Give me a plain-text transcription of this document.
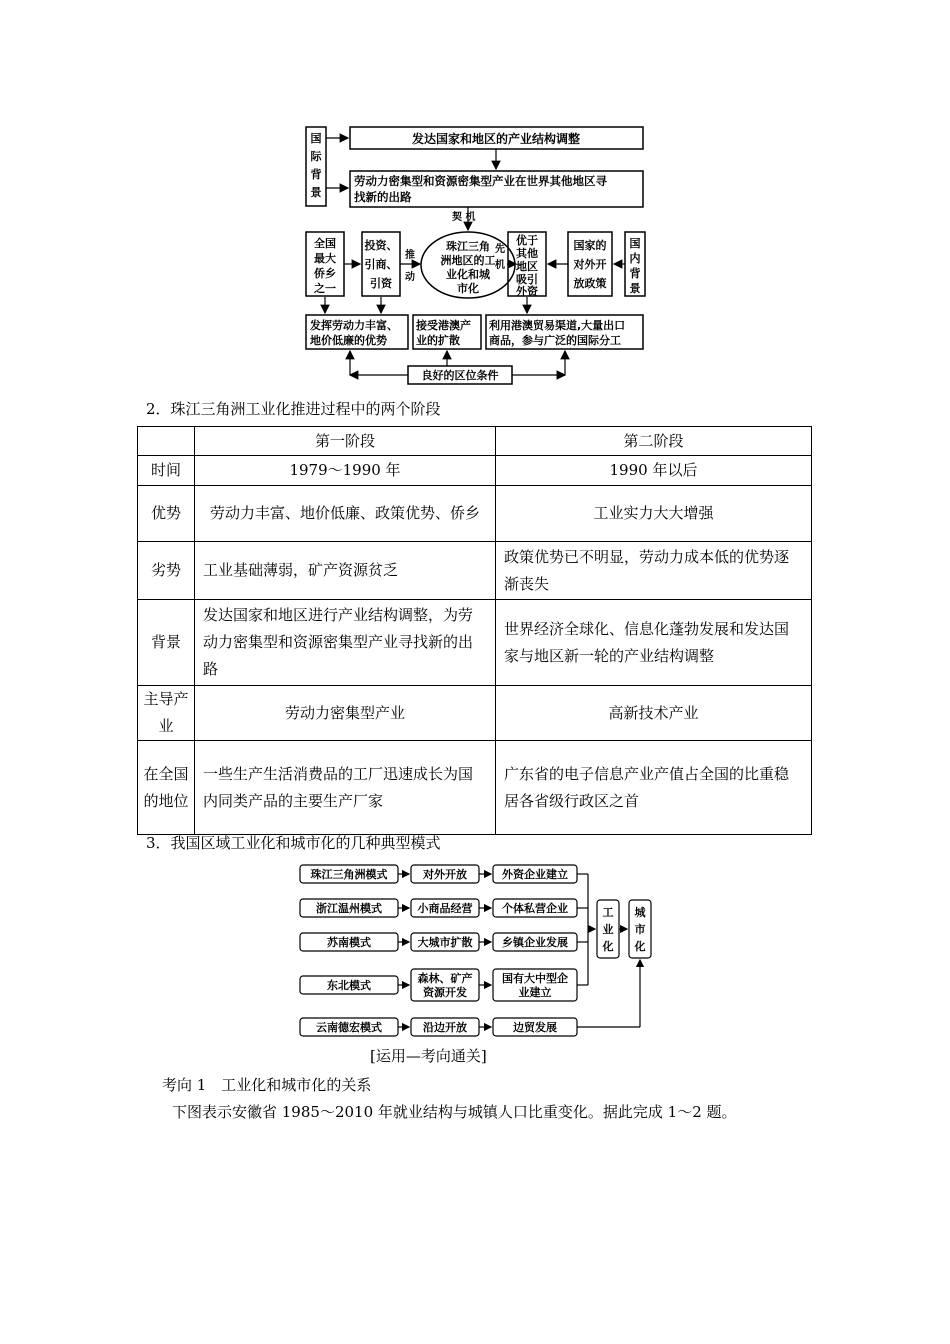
国
际
背
景
发达国家和地区的产业结构调整
劳动力密集型和资源密集型产业在世界其他地区寻
找新的出路
契 机
全国
最大
侨乡
之一
投资、
引商、
引资
推
动
珠江三角
洲地区的工
业化和城
市化
先
机
优于
其他
地区
吸引
外资
国家的
对外开
放政策
国
内
背
景
发挥劳动力丰富、
地价低廉的优势
接受港澳产
业的扩散
利用港澳贸易渠道,大量出口
商品，参与广泛的国际分工
良好的区位条件
2．珠江三角洲工业化推进过程中的两个阶段
	第一阶段	第二阶段
时间	1979～1990 年	1990 年以后
优势	劳动力丰富、地价低廉、政策优势、侨乡	工业实力大大增强
劣势	工业基础薄弱，矿产资源贫乏	政策优势已不明显，劳动力成本低的优势逐渐丧失
背景	发达国家和地区进行产业结构调整，为劳动力密集型和资源密集型产业寻找新的出路	世界经济全球化、信息化蓬勃发展和发达国家与地区新一轮的产业结构调整
主导产业	劳动力密集型产业	高新技术产业
在全国的地位	一些生产生活消费品的工厂迅速成长为国内同类产品的主要生产厂家	广东省的电子信息产业产值占全国的比重稳居各省级行政区之首
3．我国区域工业化和城市化的几种典型模式
珠江三角洲模式
浙江温州模式
苏南模式
东北模式
云南德宏模式
对外开放
小商品经营
大城市扩散
森林、矿产
资源开发
沿边开放
外资企业建立
个体私营企业
乡镇企业发展
国有大中型企
业建立
边贸发展
工
业
化
城
市
化
[运用—考向通关]
考向 1　工业化和城市化的关系
下图表示安徽省 1985～2010 年就业结构与城镇人口比重变化。据此完成 1～2 题。
